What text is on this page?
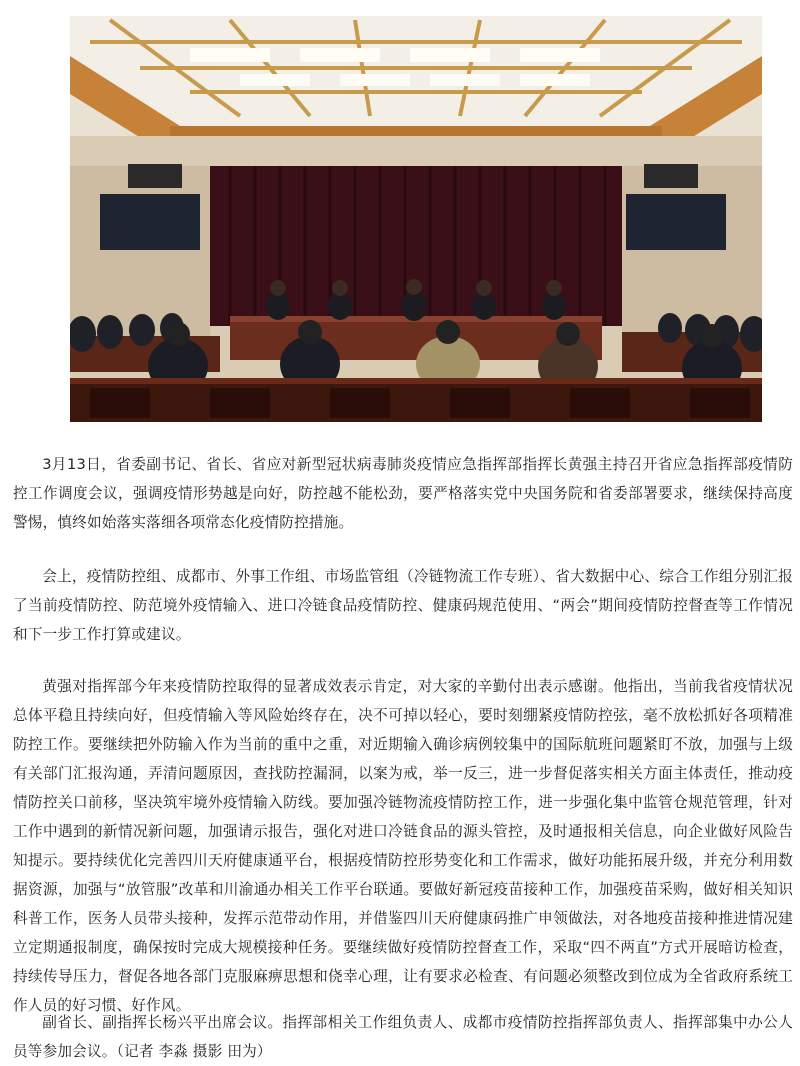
3月13日，省委副书记、省长、省应对新型冠状病毒肺炎疫情应急指挥部指挥长黄强主持召开省应急指挥部疫情防控工作调度会议，强调疫情形势越是向好，防控越不能松劲，要严格落实党中央国务院和省委部署要求，继续保持高度警惕，慎终如始落实落细各项常态化疫情防控措施。

会上，疫情防控组、成都市、外事工作组、市场监管组（冷链物流工作专班）、省大数据中心、综合工作组分别汇报了当前疫情防控、防范境外疫情输入、进口冷链食品疫情防控、健康码规范使用、“两会”期间疫情防控督查等工作情况和下一步工作打算或建议。

黄强对指挥部今年来疫情防控取得的显著成效表示肯定，对大家的辛勤付出表示感谢。他指出，当前我省疫情状况总体平稳且持续向好，但疫情输入等风险始终存在，决不可掉以轻心，要时刻绷紧疫情防控弦，毫不放松抓好各项精准防控工作。要继续把外防输入作为当前的重中之重，对近期输入确诊病例较集中的国际航班问题紧盯不放，加强与上级有关部门汇报沟通，弄清问题原因，查找防控漏洞，以案为戒，举一反三，进一步督促落实相关方面主体责任，推动疫情防控关口前移，坚决筑牢境外疫情输入防线。要加强冷链物流疫情防控工作，进一步强化集中监管仓规范管理，针对工作中遇到的新情况新问题，加强请示报告，强化对进口冷链食品的源头管控，及时通报相关信息，向企业做好风险告知提示。要持续优化完善四川天府健康通平台，根据疫情防控形势变化和工作需求，做好功能拓展升级，并充分利用数据资源，加强与“放管服”改革和川渝通办相关工作平台联通。要做好新冠疫苗接种工作，加强疫苗采购，做好相关知识科普工作，医务人员带头接种，发挥示范带动作用，并借鉴四川天府健康码推广申领做法，对各地疫苗接种推进情况建立定期通报制度，确保按时完成大规模接种任务。要继续做好疫情防控督查工作，采取“四不两直”方式开展暗访检查，持续传导压力，督促各地各部门克服麻痹思想和侥幸心理，让有要求必检查、有问题必须整改到位成为全省政府系统工作人员的好习惯、好作风。

副省长、副指挥长杨兴平出席会议。指挥部相关工作组负责人、成都市疫情防控指挥部负责人、指挥部集中办公人员等参加会议。（记者 李淼 摄影 田为）
